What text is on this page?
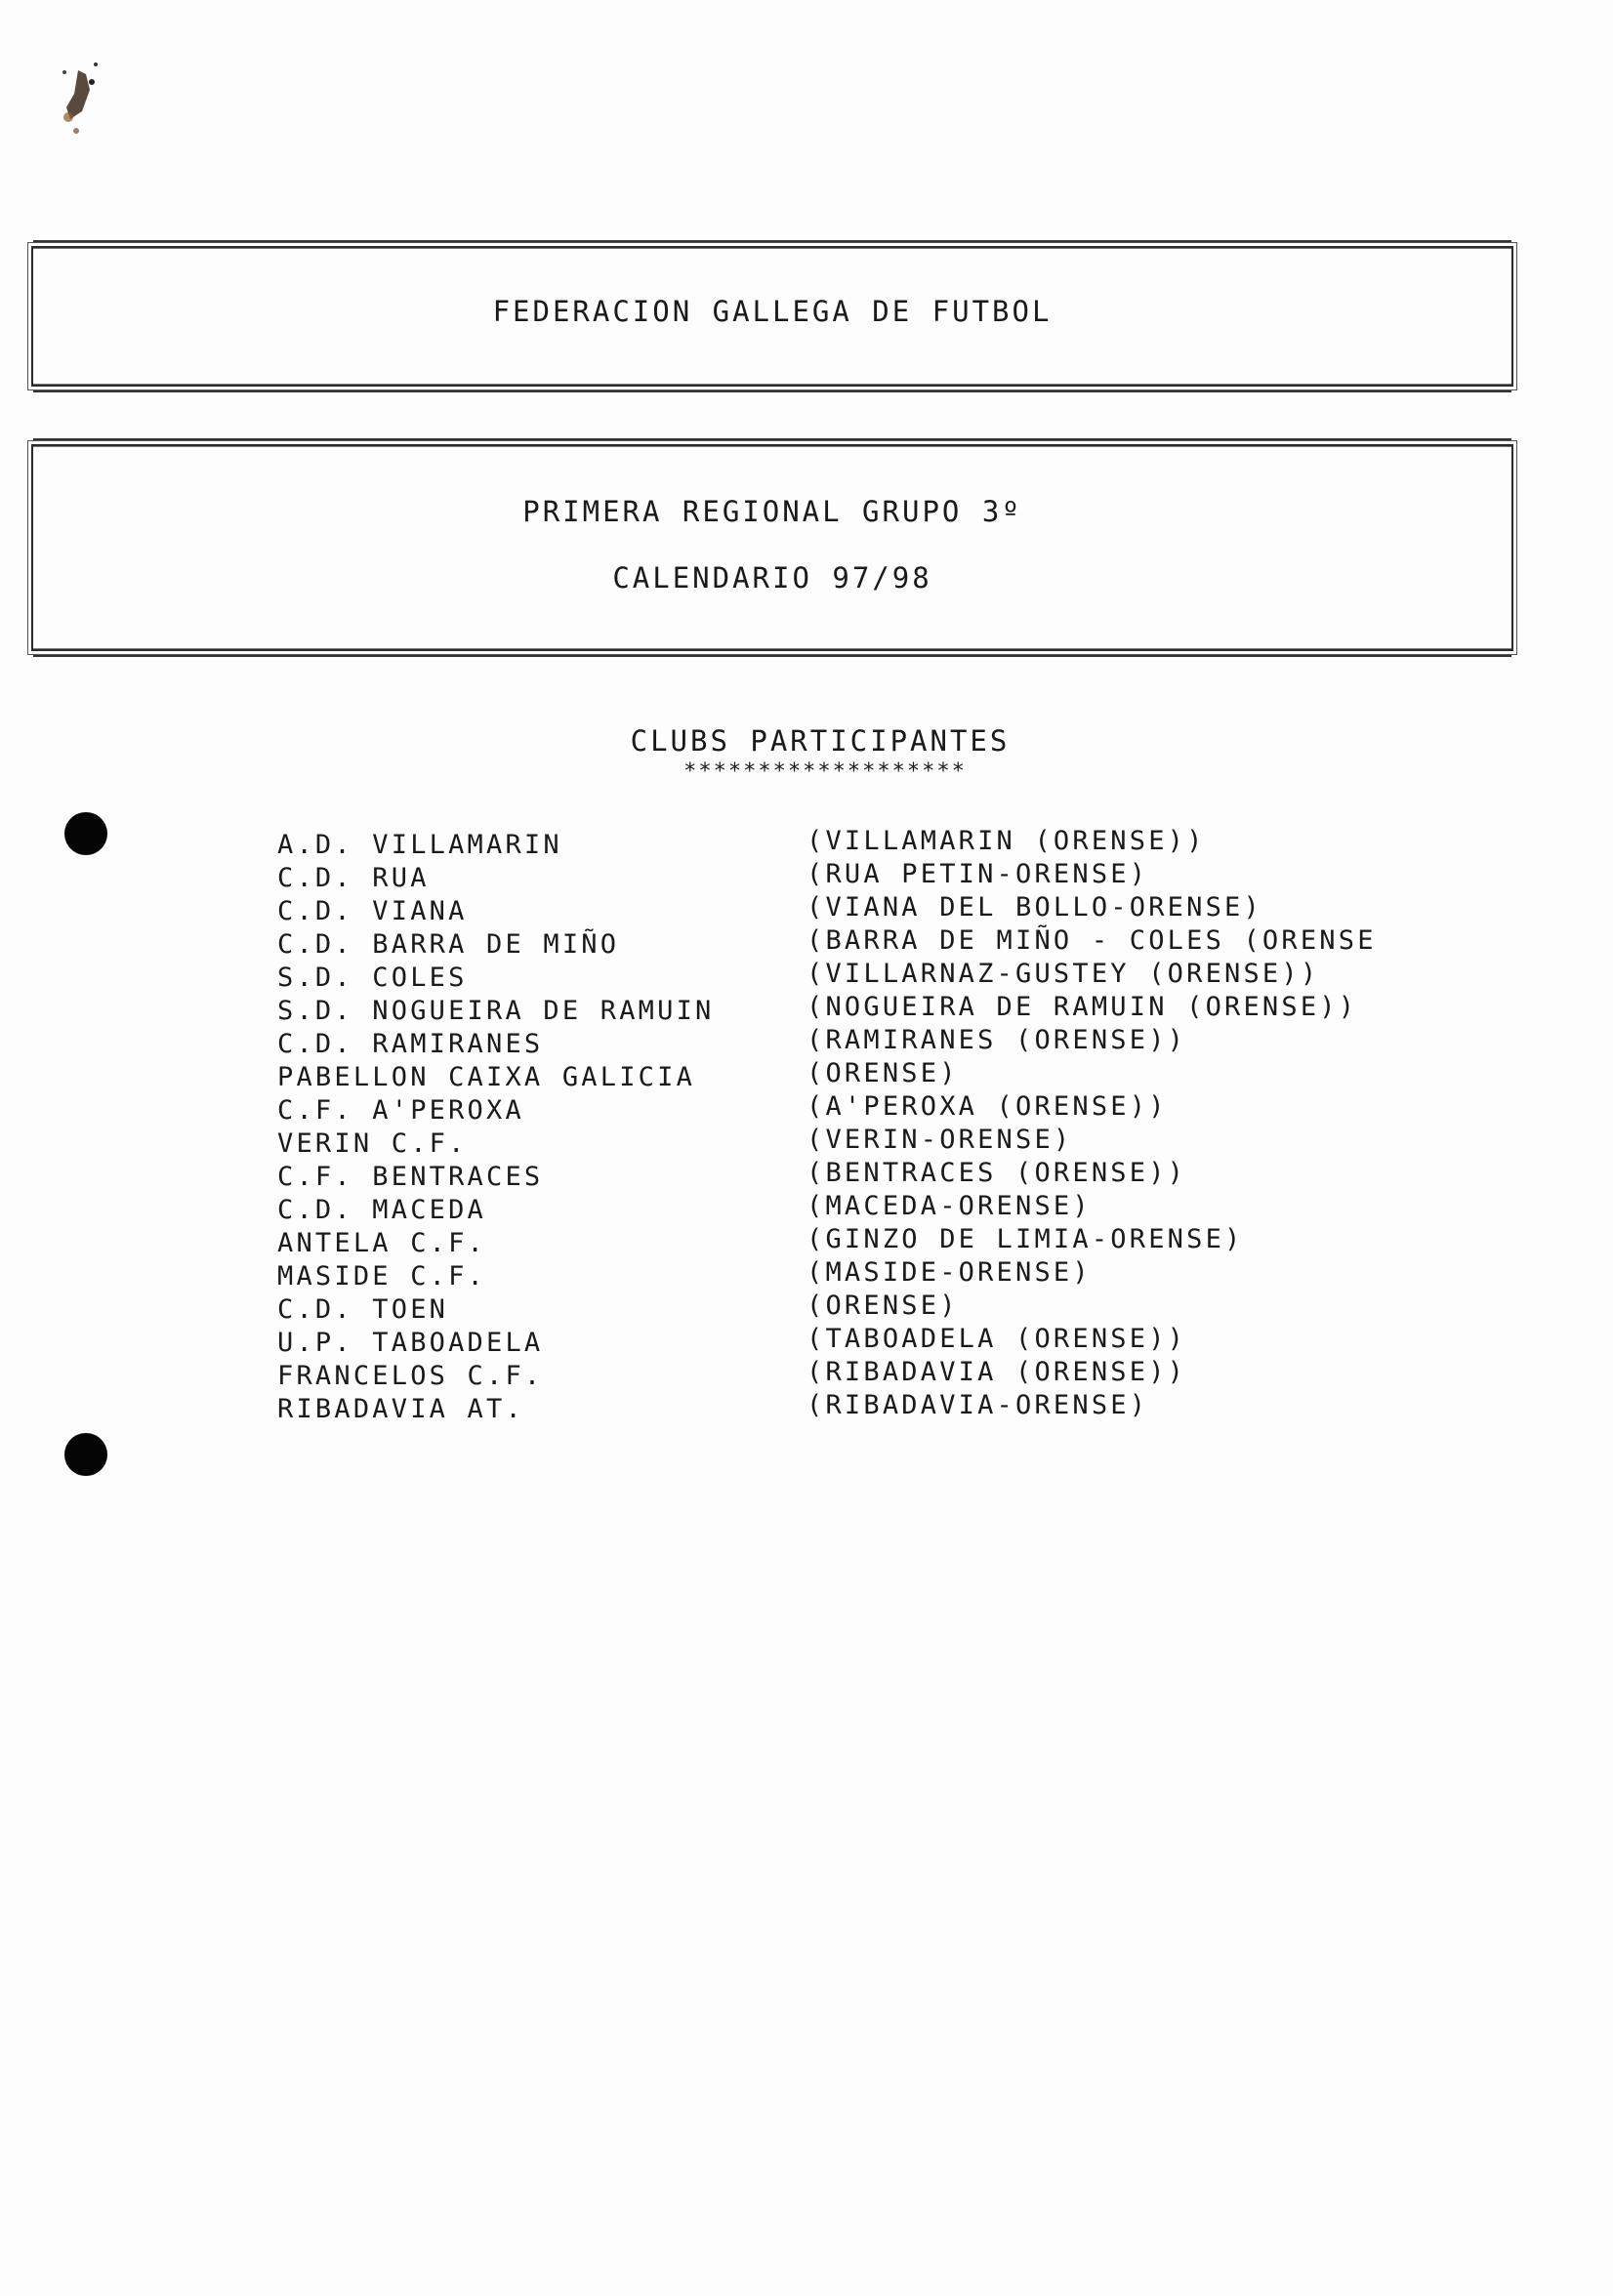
FEDERACION GALLEGA DE FUTBOL
PRIMERA REGIONAL GRUPO 3º
CALENDARIO 97/98
CLUBS PARTICIPANTES
*******************
A.D. VILLAMARIN	(VILLAMARIN (ORENSE))
C.D. RUA	(RUA PETIN-ORENSE)
C.D. VIANA	(VIANA DEL BOLLO-ORENSE)
C.D. BARRA DE MIÑO	(BARRA DE MIÑO - COLES (ORENSE
S.D. COLES	(VILLARNAZ-GUSTEY (ORENSE))
S.D. NOGUEIRA DE RAMUIN	(NOGUEIRA DE RAMUIN (ORENSE))
C.D. RAMIRANES	(RAMIRANES (ORENSE))
PABELLON CAIXA GALICIA	(ORENSE)
C.F. A'PEROXA	(A'PEROXA (ORENSE))
VERIN C.F.	(VERIN-ORENSE)
C.F. BENTRACES	(BENTRACES (ORENSE))
C.D. MACEDA	(MACEDA-ORENSE)
ANTELA C.F.	(GINZO DE LIMIA-ORENSE)
MASIDE C.F.	(MASIDE-ORENSE)
C.D. TOEN	(ORENSE)
U.P. TABOADELA	(TABOADELA (ORENSE))
FRANCELOS C.F.	(RIBADAVIA (ORENSE))
RIBADAVIA AT.	(RIBADAVIA-ORENSE)
